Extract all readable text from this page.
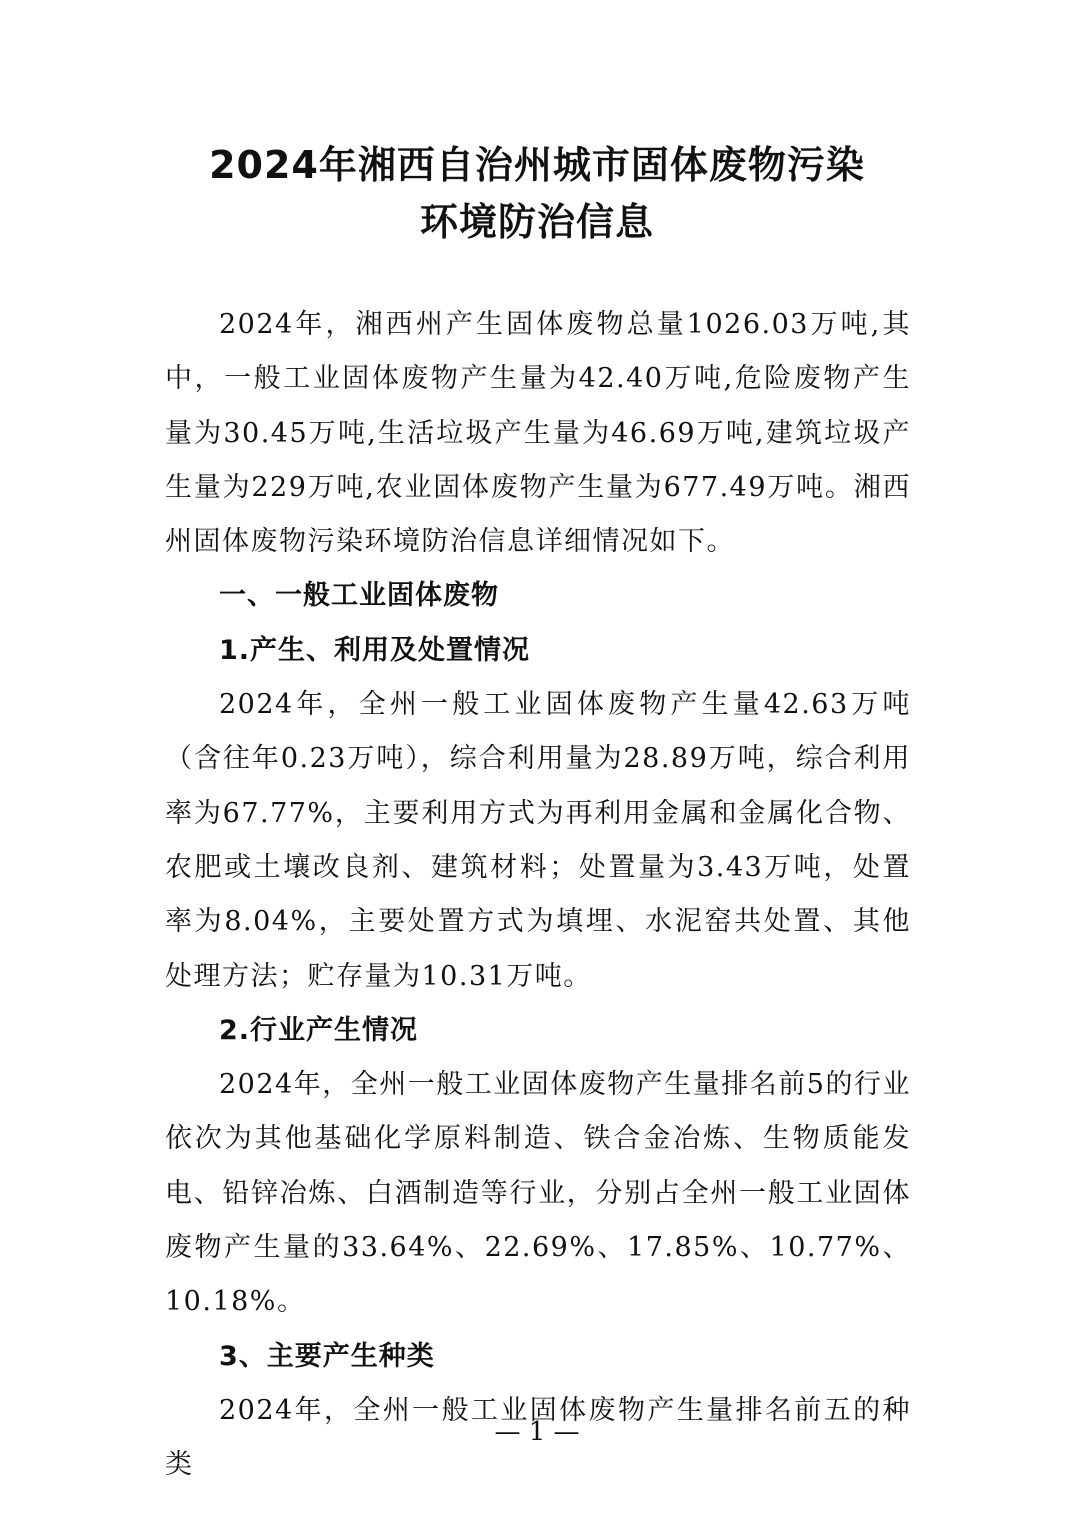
2024年湘西自治州城市固体废物污染
环境防治信息

2024年，湘西州产生固体废物总量1026.03万吨,其中，一般工业固体废物产生量为42.40万吨,危险废物产生量为30.45万吨,生活垃圾产生量为46.69万吨,建筑垃圾产生量为229万吨,农业固体废物产生量为677.49万吨。湘西州固体废物污染环境防治信息详细情况如下。

一、一般工业固体废物

1.产生、利用及处置情况

2024年，全州一般工业固体废物产生量42.63万吨（含往年0.23万吨），综合利用量为28.89万吨，综合利用率为67.77%，主要利用方式为再利用金属和金属化合物、农肥或土壤改良剂、建筑材料；处置量为3.43万吨，处置率为8.04%，主要处置方式为填埋、水泥窑共处置、其他处理方法；贮存量为10.31万吨。

2.行业产生情况

2024年，全州一般工业固体废物产生量排名前5的行业依次为其他基础化学原料制造、铁合金冶炼、生物质能发电、铅锌冶炼、白酒制造等行业，分别占全州一般工业固体废物产生量的33.64%、22.69%、17.85%、10.77%、10.18%。

3、主要产生种类

2024年，全州一般工业固体废物产生量排名前五的种类

— 1 —
